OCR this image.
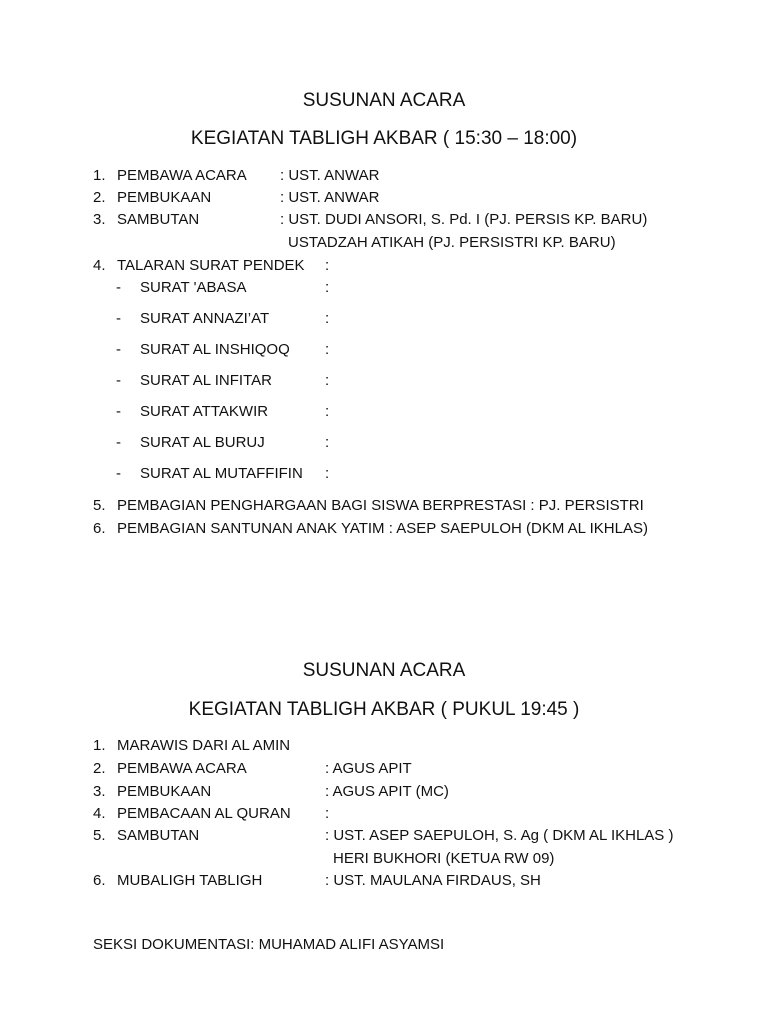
SUSUNAN ACARA
KEGIATAN TABLIGH AKBAR ( 15:30 – 18:00)
1. PEMBAWA ACARA : UST. ANWAR
2. PEMBUKAAN	: UST. ANWAR
3. SAMBUTAN	: UST. DUDI ANSORI, S. Pd. I (PJ. PERSIS KP. BARU)
USTADZAH ATIKAH (PJ. PERSISTRI KP. BARU)
4. TALARAN SURAT PENDEK :
- SURAT 'ABASA	:
- SURAT ANNAZI’AT	:
- SURAT AL INSHIQOQ :
- SURAT AL INFITAR	:
- SURAT ATTAKWIR	:
- SURAT AL BURUJ	:
- SURAT AL MUTAFFIFIN :
5. PEMBAGIAN PENGHARGAAN BAGI SISWA BERPRESTASI : PJ. PERSISTRI
6. PEMBAGIAN SANTUNAN ANAK YATIM : ASEP SAEPULOH (DKM AL IKHLAS)
SUSUNAN ACARA
KEGIATAN TABLIGH AKBAR ( PUKUL 19:45 )
1. MARAWIS DARI AL AMIN
2. PEMBAWA ACARA	: AGUS APIT
3. PEMBUKAAN	: AGUS APIT (MC)
4. PEMBACAAN AL QURAN :
5. SAMBUTAN	: UST. ASEP SAEPULOH, S. Ag ( DKM AL IKHLAS )
HERI BUKHORI (KETUA RW 09)
6. MUBALIGH TABLIGH	: UST. MAULANA FIRDAUS, SH
SEKSI DOKUMENTASI: MUHAMAD ALIFI ASYAMSI
